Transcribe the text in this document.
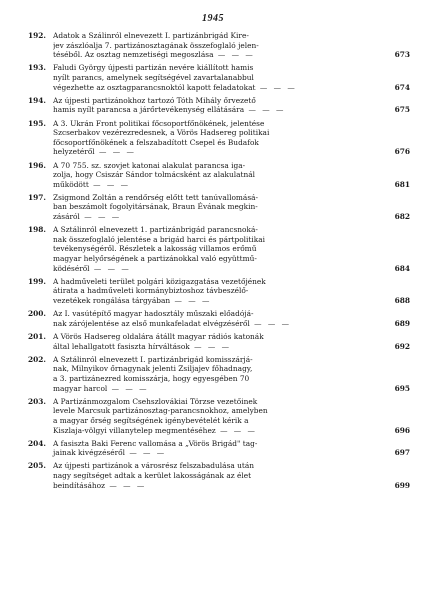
1945
192. Adatok a Szálinról elnevezett I. partizánbrigád Kire-
jev zászlóalja 7. partizánosztagának összefoglaló jelen-
téséből. Az osztag nemzetiségi megoszlása — — —	673
193. Faludi György újpesti partizán nevére kiállított hamis
nyílt parancs, amelynek segítségével zavartalanabbul
végezhette az osztagparancsnoktól kapott feladatokat — — —	674
194. Az újpesti partizánokhoz tartozó Tóth Mihály őrvezető
hamis nyílt parancsa a járőrtevékenység ellátására — — —	675
195. A 3. Ukrán Front politikai főcsoportfőnökének, jelentése
Szcserbakov vezérezredesnek, a Vörös Hadsereg politikai
főcsoportfőnökének a felszabadított Csepel és Budafok
helyzetéről — — —	676
196. A 70 755. sz. szovjet katonai alakulat parancsa iga-
zolja, hogy Csiszár Sándor tolmácsként az alakulatnál
működött — — —	681
197. Zsigmond Zoltán a rendőrség előtt tett tanúvallomásá-
ban beszámolt fogolyitársának, Braun Évának megkin-
zásáról — — —	682
198. A Sztálinról elnevezett 1. partizánbrigád parancsnoká-
nak összefoglaló jelentése a brigád harci és pártpolitikai
tevékenységéről. Részletek a lakosság villamos erőmű
magyar helyőrségének a partizánokkal való együttmű-
ködéséről — — —	684
199. A hadműveleti terület polgári közigazgatása vezetőjének
átirata a hadműveleti kormánybiztoshoz távbeszélő-
vezetékek rongálása tárgyában — — —	688
200. Az I. vasútépítő magyar hadosztály műszaki előadójá-
nak zárójelentése az első munkafeladat elvégzéséről — — —	689
201. A Vörös Hadsereg oldalára átállt magyar rádiós katonák
által lehallgatott fasiszta hírváltások — — —	692
202. A Sztálinról elnevezett I. partizánbrigád komisszárjá-
nak, Milnyikov őrnagynak jelenti Zsiljajev főhadnagy,
a 3. partizánezred komisszárja, hogy egyesgében 70
magyar harcol — — —	695
203. A Partizánmozgalom Csehszlovákiai Törzse vezetőinek
levele Marcsuk partizánosztag-parancsnokhoz, amelyben
a magyar őrség segítségének igénybevételét kérik a
Kiszlaja-völgyi villanytelep megmentéséhez — — —	696
204. A fasiszta Baki Ferenc vallomása a „Vörös Brigád" tag-
jainak kivégzéséről — — —	697
205. Az újpesti partizánok a városrész felszabadulása után
nagy segítséget adtak a kerület lakosságának az élet
beindításához — — —	699
